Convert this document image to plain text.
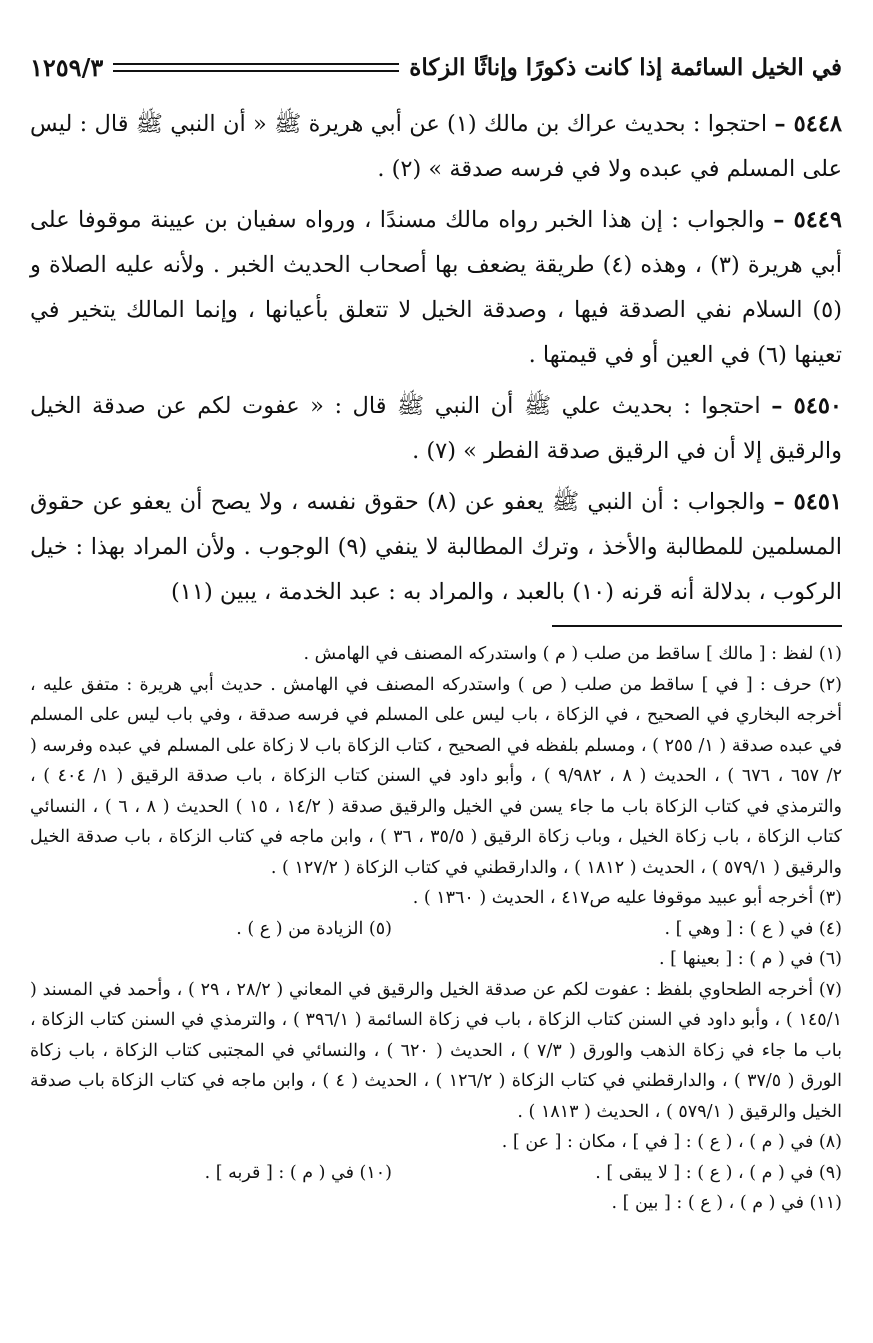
في الخيل السائمة إذا كانت ذكورًا وإناثًا الزكاة
١٢٥٩/٣

٥٤٤٨ – احتجوا : بحديث عراك بن مالك (١) عن أبي هريرة ﷺ « أن النبي ﷺ قال : ليس على المسلم في عبده ولا في فرسه صدقة » (٢) .

٥٤٤٩ – والجواب : إن هذا الخبر رواه مالك مسندًا ، ورواه سفيان بن عيينة موقوفا على أبي هريرة (٣) ، وهذه (٤) طريقة يضعف بها أصحاب الحديث الخبر . ولأنه عليه الصلاة و (٥) السلام نفي الصدقة فيها ، وصدقة الخيل لا تتعلق بأعيانها ، وإنما المالك يتخير في تعينها (٦) في العين أو في قيمتها .

٥٤٥٠ – احتجوا : بحديث علي ﷺ أن النبي ﷺ قال : « عفوت لكم عن صدقة الخيل والرقيق إلا أن في الرقيق صدقة الفطر » (٧) .

٥٤٥١ – والجواب : أن النبي ﷺ يعفو عن (٨) حقوق نفسه ، ولا يصح أن يعفو عن حقوق المسلمين للمطالبة والأخذ ، وترك المطالبة لا ينفي (٩) الوجوب . ولأن المراد بهذا : خيل الركوب ، بدلالة أنه قرنه (١٠) بالعبد ، والمراد به : عبد الخدمة ، يبين (١١)

(١) لفظ : [ مالك ] ساقط من صلب ( م ) واستدركه المصنف في الهامش .

(٢) حرف : [ في ] ساقط من صلب ( ص ) واستدركه المصنف في الهامش . حديث أبي هريرة : متفق عليه ، أخرجه البخاري في الصحيح ، في الزكاة ، باب ليس على المسلم في فرسه صدقة ، وفي باب ليس على المسلم في عبده صدقة ( ١/ ٢٥٥ ) ، ومسلم بلفظه في الصحيح ، كتاب الزكاة باب لا زكاة على المسلم في عبده وفرسه ( ٢/ ٦٥٧ ، ٦٧٦ ) ، الحديث ( ٨ ، ٩/٩٨٢ ) ، وأبو داود في السنن كتاب الزكاة ، باب صدقة الرقيق ( ١/ ٤٠٤ ) ، والترمذي في كتاب الزكاة باب ما جاء يسن في الخيل والرقيق صدقة ( ١٤/٢ ، ١٥ ) الحديث ( ٨ ، ٦ ) ، النسائي كتاب الزكاة ، باب زكاة الخيل ، وباب زكاة الرقيق ( ٣٥/٥ ، ٣٦ ) ، وابن ماجه في كتاب الزكاة ، باب صدقة الخيل والرقيق ( ٥٧٩/١ ) ، الحديث ( ١٨١٢ ) ، والدارقطني في كتاب الزكاة ( ١٢٧/٢ ) .

(٣) أخرجه أبو عبيد موقوفا عليه ص٤١٧ ، الحديث ( ١٣٦٠ ) .

(٤) في ( ع ) : [ وهي ] .
(٥) الزيادة من ( ع ) .

(٦) في ( م ) : [ بعينها ] .

(٧) أخرجه الطحاوي بلفظ : عفوت لكم عن صدقة الخيل والرقيق في المعاني ( ٢٨/٢ ، ٢٩ ) ، وأحمد في المسند ( ١٤٥/١ ) ، وأبو داود في السنن كتاب الزكاة ، باب في زكاة السائمة ( ٣٩٦/١ ) ، والترمذي في السنن كتاب الزكاة ، باب ما جاء في زكاة الذهب والورق ( ٧/٣ ) ، الحديث ( ٦٢٠ ) ، والنسائي في المجتبى كتاب الزكاة ، باب زكاة الورق ( ٣٧/٥ ) ، والدارقطني في كتاب الزكاة ( ١٢٦/٢ ) ، الحديث ( ٤ ) ، وابن ماجه في كتاب الزكاة باب صدقة الخيل والرقيق ( ٥٧٩/١ ) ، الحديث ( ١٨١٣ ) .

(٨) في ( م ) ، ( ع ) : [ في ] ، مكان : [ عن ] .

(٩) في ( م ) ، ( ع ) : [ لا يبقى ] .
(١٠) في ( م ) : [ قربه ] .

(١١) في ( م ) ، ( ع ) : [ بين ] .
